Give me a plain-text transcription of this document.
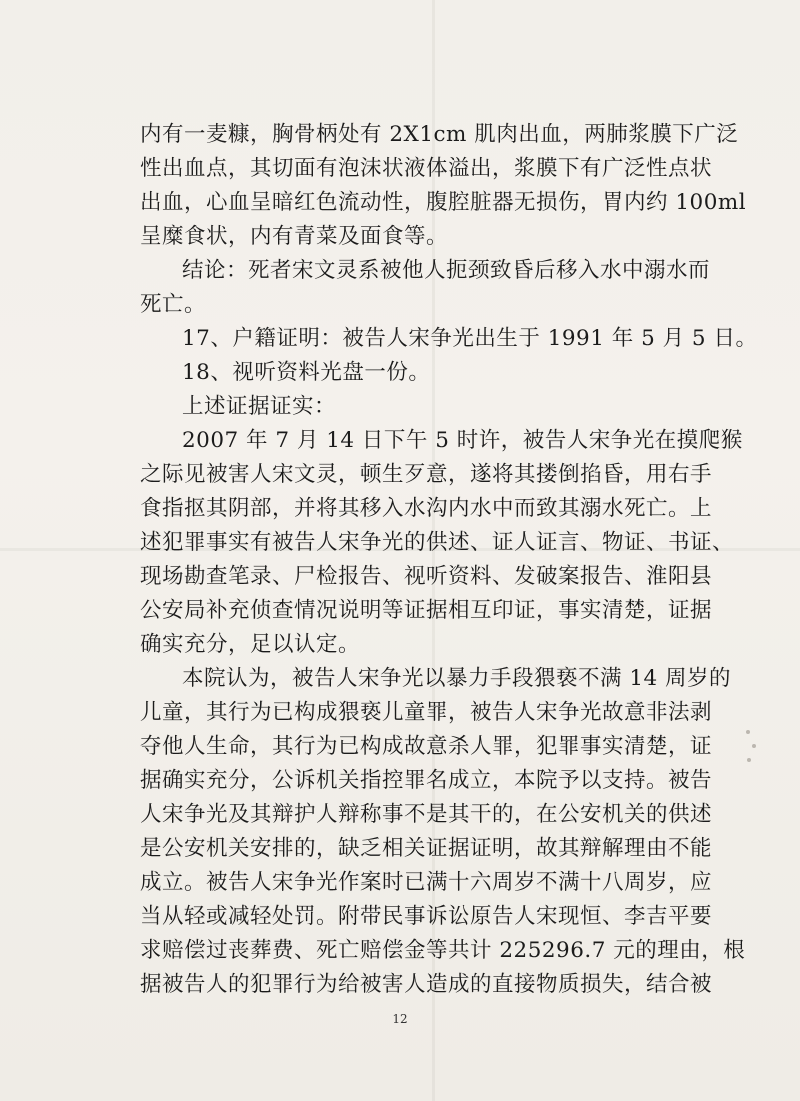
内有一麦糠，胸骨柄处有 2X1cm 肌肉出血，两肺浆膜下广泛
性出血点，其切面有泡沫状液体溢出，浆膜下有广泛性点状
出血，心血呈暗红色流动性，腹腔脏器无损伤，胃内约 100ml
呈糜食状，内有青菜及面食等。
结论：死者宋文灵系被他人扼颈致昏后移入水中溺水而
死亡。
17、户籍证明：被告人宋争光出生于 1991 年 5 月 5 日。
18、视听资料光盘一份。
上述证据证实：
2007 年 7 月 14 日下午 5 时许，被告人宋争光在摸爬猴
之际见被害人宋文灵，顿生歹意，遂将其搂倒掐昏，用右手
食指抠其阴部，并将其移入水沟内水中而致其溺水死亡。上
述犯罪事实有被告人宋争光的供述、证人证言、物证、书证、
现场勘查笔录、尸检报告、视听资料、发破案报告、淮阳县
公安局补充侦查情况说明等证据相互印证，事实清楚，证据
确实充分，足以认定。
本院认为，被告人宋争光以暴力手段猥亵不满 14 周岁的
儿童，其行为已构成猥亵儿童罪，被告人宋争光故意非法剥
夺他人生命，其行为已构成故意杀人罪，犯罪事实清楚，证
据确实充分，公诉机关指控罪名成立，本院予以支持。被告
人宋争光及其辩护人辩称事不是其干的，在公安机关的供述
是公安机关安排的，缺乏相关证据证明，故其辩解理由不能
成立。被告人宋争光作案时已满十六周岁不满十八周岁，应
当从轻或减轻处罚。附带民事诉讼原告人宋现恒、李吉平要
求赔偿过丧葬费、死亡赔偿金等共计 225296.7 元的理由，根
据被告人的犯罪行为给被害人造成的直接物质损失，结合被
12
